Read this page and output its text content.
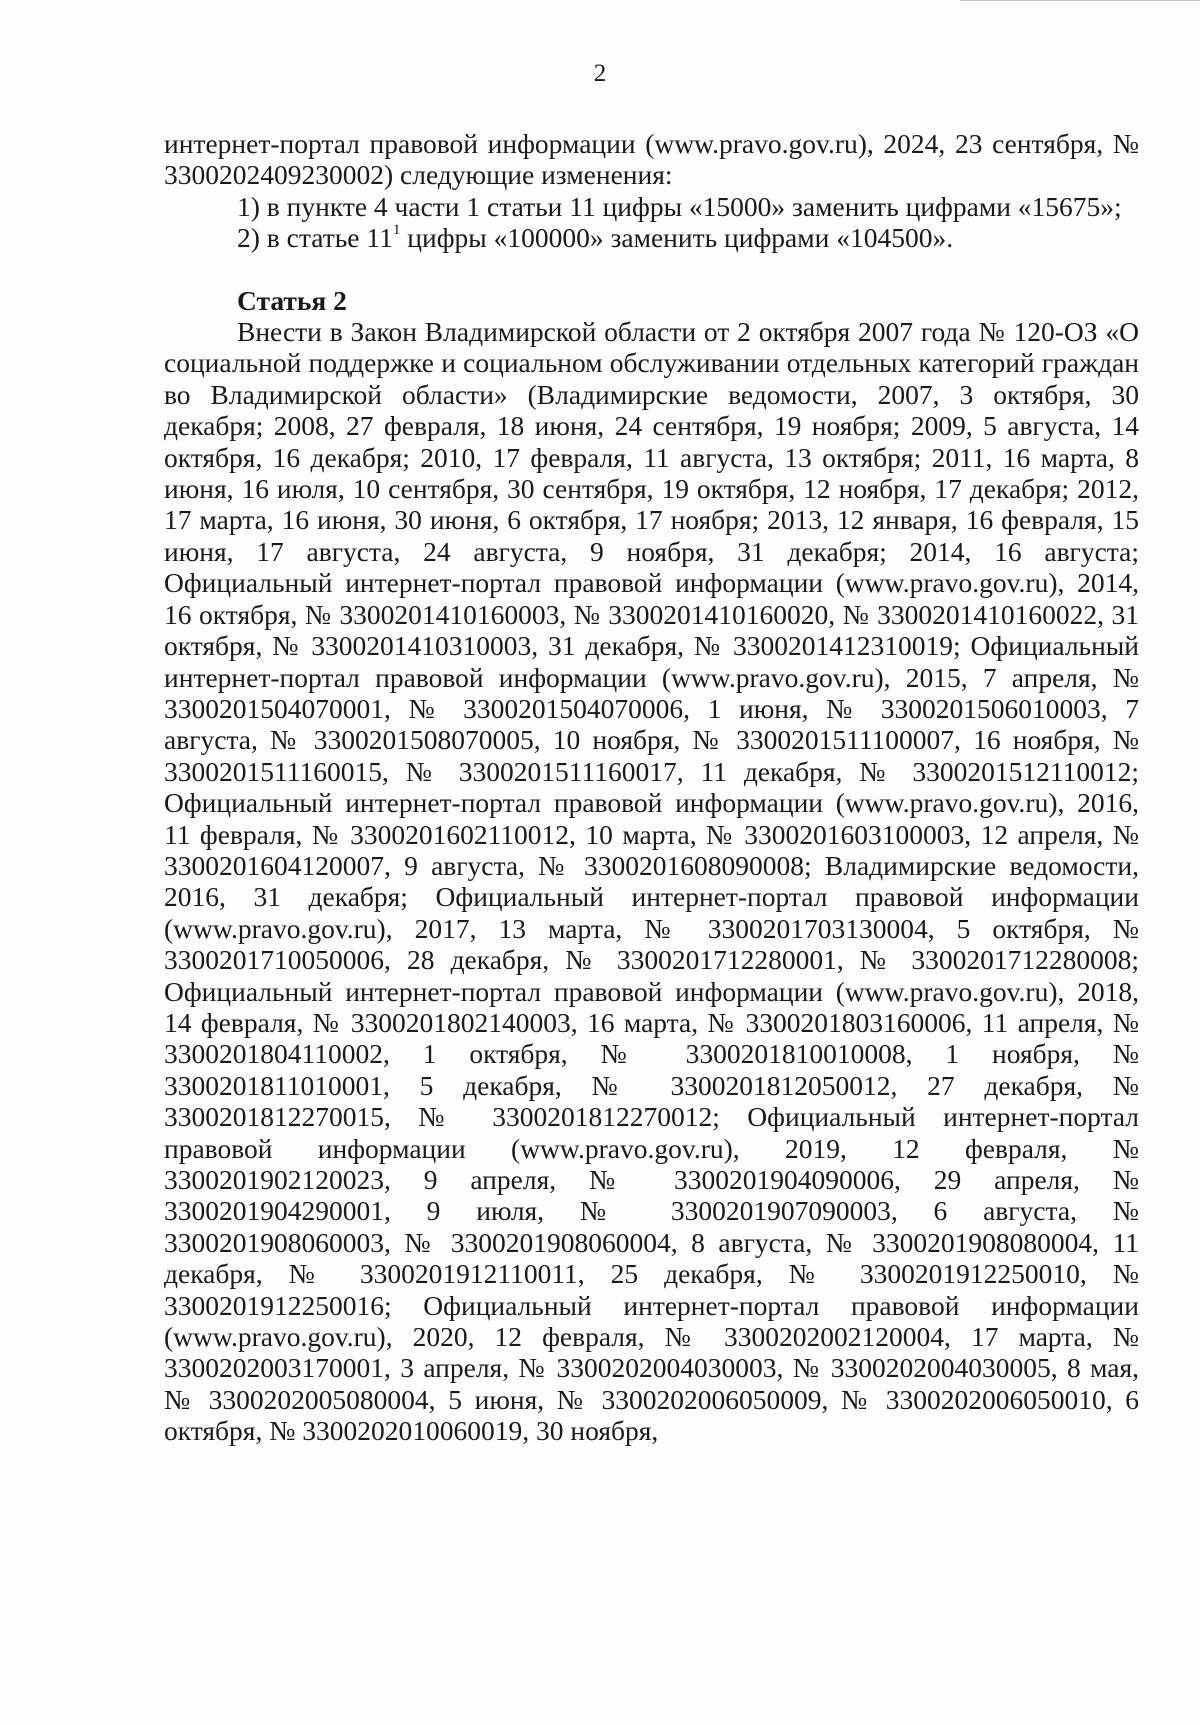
2

интернет-портал правовой информации (www.pravo.gov.ru), 2024, 23 сентября, № 3300202409230002) следующие изменения:

1) в пункте 4 части 1 статьи 11 цифры «15000» заменить цифрами «15675»;

2) в статье $11^1$ цифры «100000» заменить цифрами «104500».

Статья 2

Внести в Закон Владимирской области от 2 октября 2007 года № 120-ОЗ «О социальной поддержке и социальном обслуживании отдельных категорий граждан во Владимирской области» (Владимирские ведомости, 2007, 3 октября, 30 декабря; 2008, 27 февраля, 18 июня, 24 сентября, 19 ноября; 2009, 5 августа, 14 октября, 16 декабря; 2010, 17 февраля, 11 августа, 13 октября; 2011, 16 марта, 8 июня, 16 июля, 10 сентября, 30 сентября, 19 октября, 12 ноября, 17 декабря; 2012, 17 марта, 16 июня, 30 июня, 6 октября, 17 ноября; 2013, 12 января, 16 февраля, 15 июня, 17 августа, 24 августа, 9 ноября, 31 декабря; 2014, 16 августа; Официальный интернет-портал правовой информации (www.pravo.gov.ru), 2014, 16 октября, № 3300201410160003, № 3300201410160020, № 3300201410160022, 31 октября, № 3300201410310003, 31 декабря, № 3300201412310019; Официальный интернет-портал правовой информации (www.pravo.gov.ru), 2015, 7 апреля, № 3300201504070001, № 3300201504070006, 1 июня, № 3300201506010003, 7 августа, № 3300201508070005, 10 ноября, № 3300201511100007, 16 ноября, № 3300201511160015, № 3300201511160017, 11 декабря, № 3300201512110012; Официальный интернет-портал правовой информации (www.pravo.gov.ru), 2016, 11 февраля, № 3300201602110012, 10 марта, № 3300201603100003, 12 апреля, № 3300201604120007, 9 августа, № 3300201608090008; Владимирские ведомости, 2016, 31 декабря; Официальный интернет-портал правовой информации (www.pravo.gov.ru), 2017, 13 марта, № 3300201703130004, 5 октября, № 3300201710050006, 28 декабря, № 3300201712280001, № 3300201712280008; Официальный интернет-портал правовой информации (www.pravo.gov.ru), 2018, 14 февраля, № 3300201802140003, 16 марта, № 3300201803160006, 11 апреля, № 3300201804110002, 1 октября, № 3300201810010008, 1 ноября, № 3300201811010001, 5 декабря, № 3300201812050012, 27 декабря, № 3300201812270015, № 3300201812270012; Официальный интернет-портал правовой информации (www.pravo.gov.ru), 2019, 12 февраля, № 3300201902120023, 9 апреля, № 3300201904090006, 29 апреля, № 3300201904290001, 9 июля, № 3300201907090003, 6 августа, № 3300201908060003, № 3300201908060004, 8 августа, № 3300201908080004, 11 декабря, № 3300201912110011, 25 декабря, № 3300201912250010, № 3300201912250016; Официальный интернет-портал правовой информации (www.pravo.gov.ru), 2020, 12 февраля, № 3300202002120004, 17 марта, № 3300202003170001, 3 апреля, № 3300202004030003, № 3300202004030005, 8 мая, № 3300202005080004, 5 июня, № 3300202006050009, № 3300202006050010, 6 октября, № 3300202010060019, 30 ноября,
